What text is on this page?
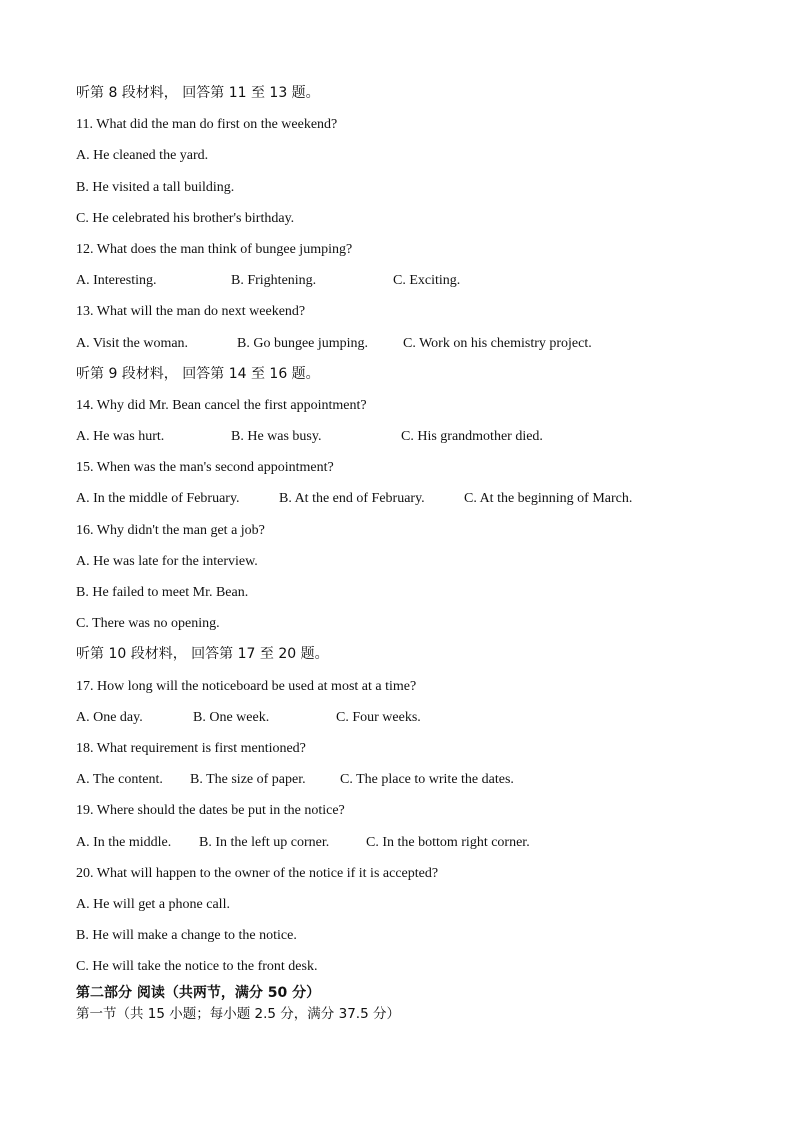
听第 8 段材料， 回答第 11 至 13 题。
11. What did the man do first on the weekend?
A. He cleaned the yard.
B. He visited a tall building.
C. He celebrated his brother's birthday.
12. What does the man think of bungee jumping?
A. Interesting.	B. Frightening.	C. Exciting.
13. What will the man do next weekend?
A. Visit the woman.	B. Go bungee jumping. C. Work on his chemistry project.
听第 9 段材料， 回答第 14 至 16 题。
14. Why did Mr. Bean cancel the first appointment?
A. He was hurt.	B. He was busy.	C. His grandmother died.
15. When was the man's second appointment?
A. In the middle of February.	B. At the end of February.	C. At the beginning of March.
16. Why didn't the man get a job?
A. He was late for the interview.
B. He failed to meet Mr. Bean.
C. There was no opening.
听第 10 段材料， 回答第 17 至 20 题。
17. How long will the noticeboard be used at most at a time?
A. One day.	B. One week.	C. Four weeks.
18. What requirement is first mentioned?
A. The content. B. The size of paper. C. The place to write the dates.
19. Where should the dates be put in the notice?
A. In the middle. B. In the left up corner.	C. In the bottom right corner.
20. What will happen to the owner of the notice if it is accepted?
A. He will get a phone call.
B. He will make a change to the notice.
C. He will take the notice to the front desk.
第二部分 阅读（共两节，满分 50 分）
第一节（共 15 小题；每小题 2.5 分，满分 37.5 分）
